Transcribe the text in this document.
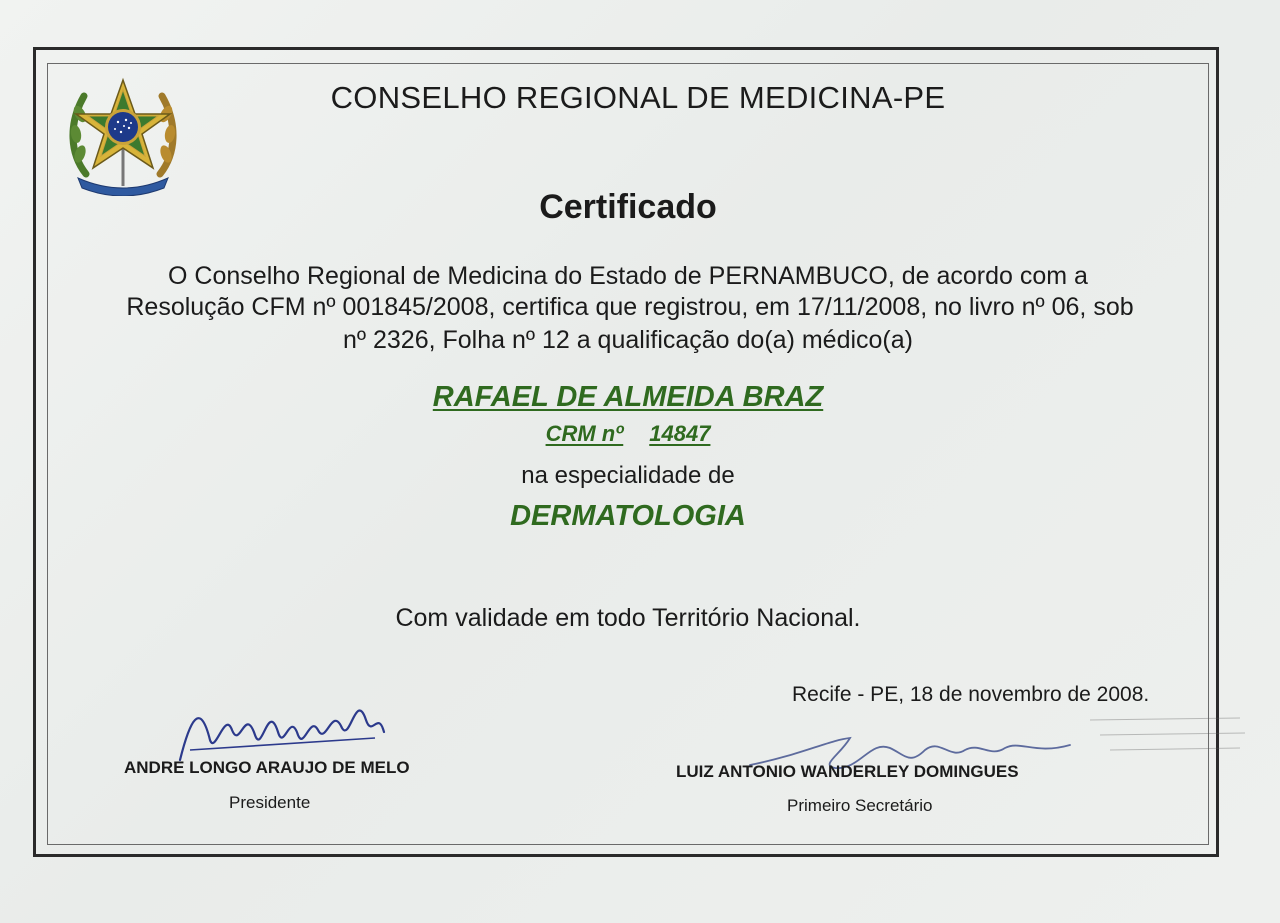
CONSELHO REGIONAL DE MEDICINA-PE
Certificado
O Conselho Regional de Medicina do Estado de PERNAMBUCO, de acordo com a
Resolução CFM nº 001845/2008, certifica que registrou, em 17/11/2008, no livro nº 06, sob
nº 2326, Folha nº 12 a qualificação do(a) médico(a)
RAFAEL DE ALMEIDA BRAZ
CRM nº 14847
na especialidade de
DERMATOLOGIA
Com validade em todo Território Nacional.
Recife - PE, 18 de novembro de 2008.
ANDRE LONGO ARAUJO DE MELO
Presidente
LUIZ ANTONIO WANDERLEY DOMINGUES
Primeiro Secretário
